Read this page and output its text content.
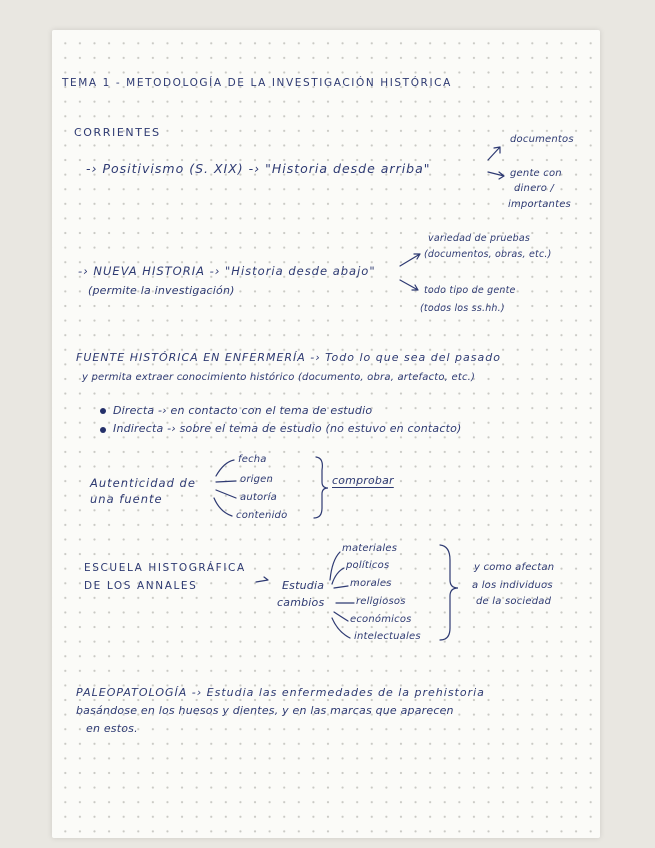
TEMA 1 - METODOLOGÍA DE LA INVESTIGACIÓN HISTÓRICA
CORRIENTES
-› Positivismo (S. XIX) -› "Historia desde arriba"
documentos
gente con
dinero /
importantes
variedad de pruebas
(documentos, obras, etc.)
-› NUEVA HISTORIA -› "Historia desde abajo"
(permite la investigación)	todo tipo de gente
(todos los ss.hh.)
FUENTE HISTÓRICA EN ENFERMERÍA -› Todo lo que sea del pasado
y permita extraer conocimiento histórico (documento, obra, artefacto, etc.)
Directa -› en contacto con el tema de estudio
Indirecta -› sobre el tema de estudio (no estuvo en contacto)
Autenticidad de
una fuente
fecha
origen
autoría
contenido
comprobar
ESCUELA HISTOGRÁFICA
DE LOS ANNALES	Estudia
cambios
materiales
políticos
morales
religiosos
económicos
intelectuales
y como afectan
a los individuos
de la sociedad
PALEOPATOLOGÍA -› Estudia las enfermedades de la prehistoria
basándose en los huesos y dientes, y en las marcas que aparecen
en estos.
